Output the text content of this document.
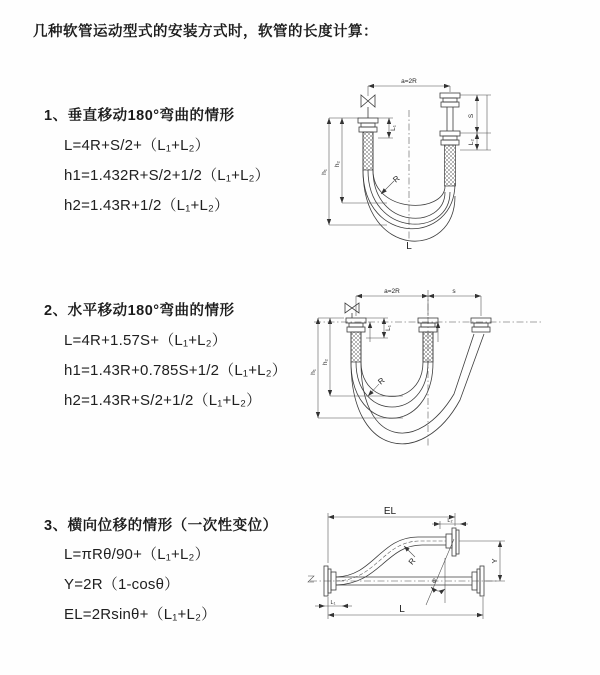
几种软管运动型式的安装方式时，软管的长度计算：
1、垂直移动180°弯曲的情形
L=4R+S/2+（L₁+L₂）
h1=1.432R+S/2+1/2（L₁+L₂）
h2=1.43R+1/2（L₁+L₂）
2、水平移动180°弯曲的情形
L=4R+1.57S+（L₁+L₂）
h1=1.43R+0.785S+1/2（L₁+L₂）
h2=1.43R+S/2+1/2（L₁+L₂）
3、横向位移的情形（一次性变位）
L=πRθ/90+（L₁+L₂）
Y=2R（1-cosθ）
EL=2Rsinθ+（L₁+L₂）
a=2R
S
L₂
L₁
h₁
h₂
R
L
a=2R	s
L₁
h₁
h₂
R
EL
L₂
Y
R
θ
L₁
L
